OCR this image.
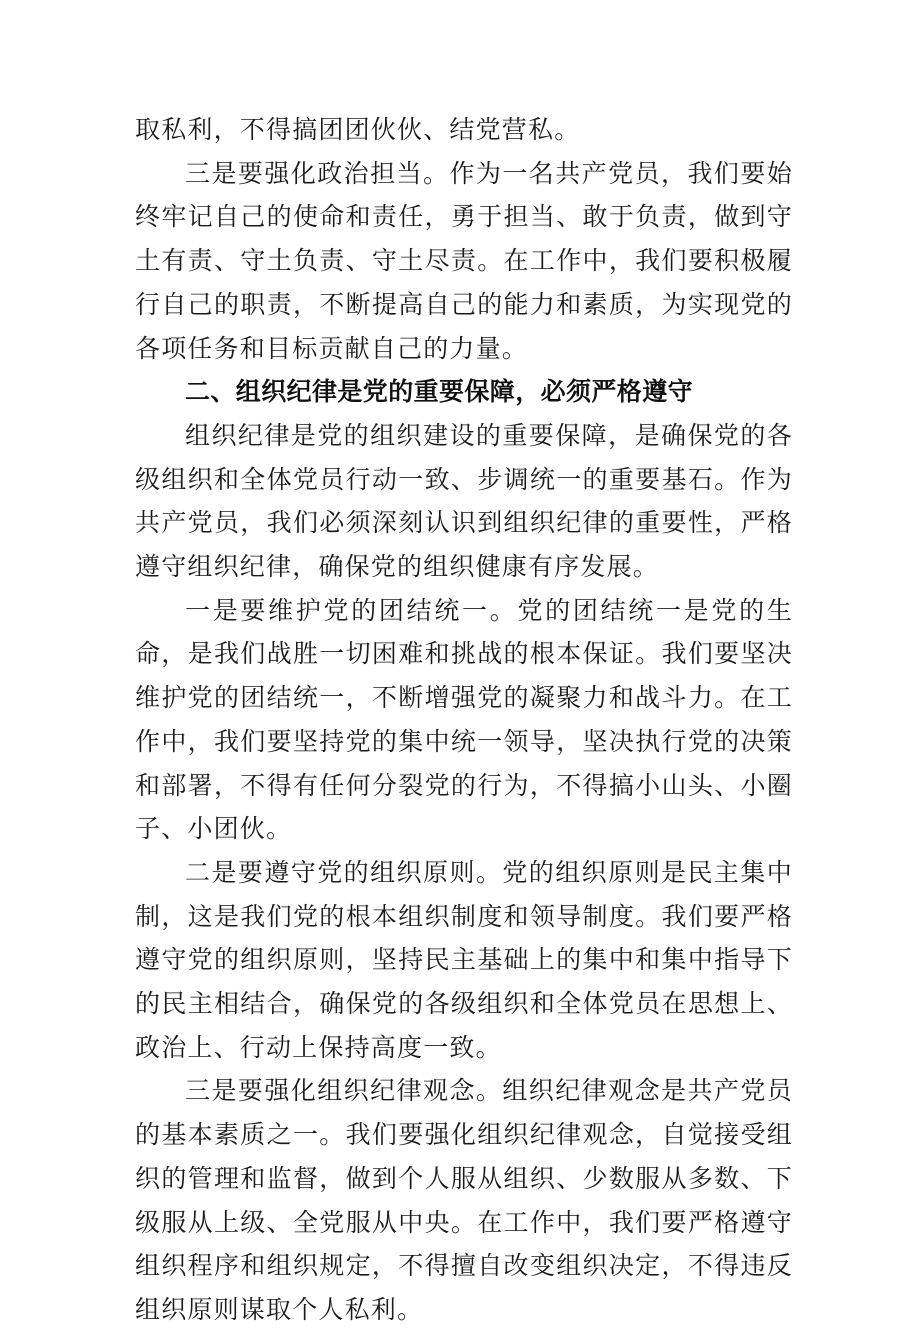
取私利，不得搞团团伙伙、结党营私。

三是要强化政治担当。作为一名共产党员，我们要始终牢记自己的使命和责任，勇于担当、敢于负责，做到守土有责、守土负责、守土尽责。在工作中，我们要积极履行自己的职责，不断提高自己的能力和素质，为实现党的各项任务和目标贡献自己的力量。

二、组织纪律是党的重要保障，必须严格遵守

组织纪律是党的组织建设的重要保障，是确保党的各级组织和全体党员行动一致、步调统一的重要基石。作为共产党员，我们必须深刻认识到组织纪律的重要性，严格遵守组织纪律，确保党的组织健康有序发展。

一是要维护党的团结统一。党的团结统一是党的生命，是我们战胜一切困难和挑战的根本保证。我们要坚决维护党的团结统一，不断增强党的凝聚力和战斗力。在工作中，我们要坚持党的集中统一领导，坚决执行党的决策和部署，不得有任何分裂党的行为，不得搞小山头、小圈子、小团伙。

二是要遵守党的组织原则。党的组织原则是民主集中制，这是我们党的根本组织制度和领导制度。我们要严格遵守党的组织原则，坚持民主基础上的集中和集中指导下的民主相结合，确保党的各级组织和全体党员在思想上、政治上、行动上保持高度一致。

三是要强化组织纪律观念。组织纪律观念是共产党员的基本素质之一。我们要强化组织纪律观念，自觉接受组织的管理和监督，做到个人服从组织、少数服从多数、下级服从上级、全党服从中央。在工作中，我们要严格遵守组织程序和组织规定，不得擅自改变组织决定，不得违反组织原则谋取个人私利。
